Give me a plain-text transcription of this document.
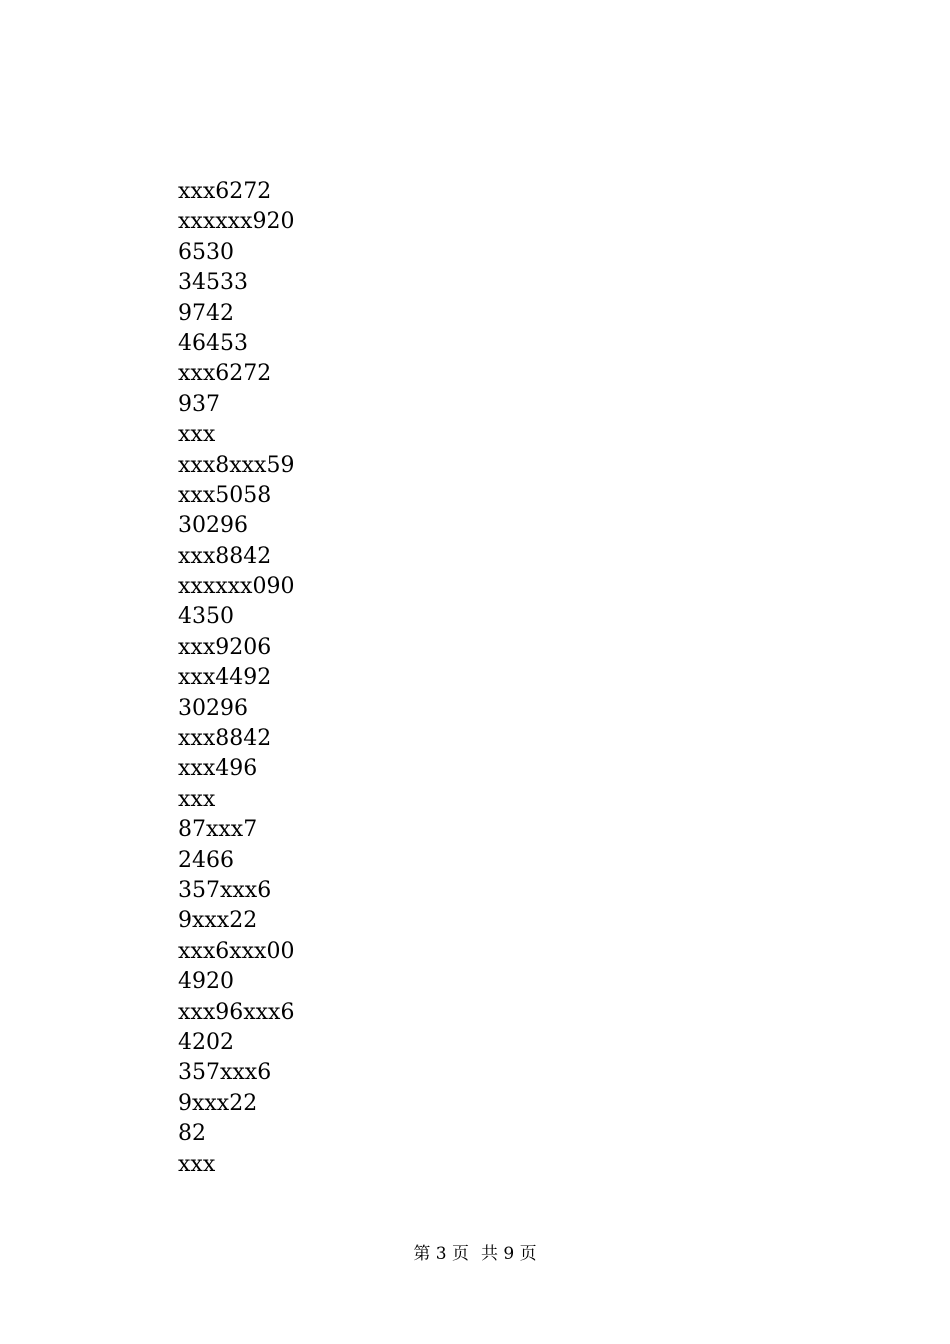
xxx6272
xxxxxx920
6530
34533
9742
46453
xxx6272
937
xxx
xxx8xxx59
xxx5058
30296
xxx8842
xxxxxx090
4350
xxx9206
xxx4492
30296
xxx8842
xxx496
xxx
87xxx7
2466
357xxx6
9xxx22
xxx6xxx00
4920
xxx96xxx6
4202
357xxx6
9xxx22
82
xxx
第 3 页 共 9 页
